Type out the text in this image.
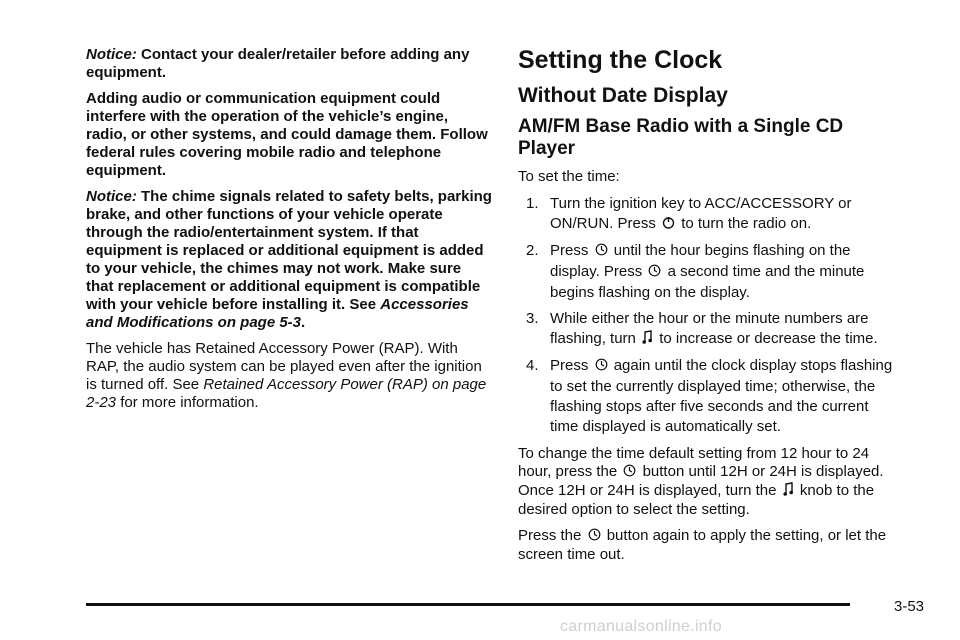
Notice: Contact your dealer/retailer before adding any equipment.

Adding audio or communication equipment could interfere with the operation of the vehicle’s engine, radio, or other systems, and could damage them. Follow federal rules covering mobile radio and telephone equipment.

Notice: The chime signals related to safety belts, parking brake, and other functions of your vehicle operate through the radio/entertainment system. If that equipment is replaced or additional equipment is added to your vehicle, the chimes may not work. Make sure that replacement or additional equipment is compatible with your vehicle before installing it. See Accessories and Modifications on page 5-3.

The vehicle has Retained Accessory Power (RAP). With RAP, the audio system can be played even after the ignition is turned off. See Retained Accessory Power (RAP) on page 2-23 for more information.

Setting the Clock
Without Date Display
AM/FM Base Radio with a Single CD Player

To set the time:

1. Turn the ignition key to ACC/ACCESSORY or ON/RUN. Press to turn the radio on.
2. Press until the hour begins flashing on the display. Press a second time and the minute begins flashing on the display.
3. While either the hour or the minute numbers are flashing, turn to increase or decrease the time.
4. Press again until the clock display stops flashing to set the currently displayed time; otherwise, the flashing stops after five seconds and the current time displayed is automatically set.

To change the time default setting from 12 hour to 24 hour, press the button until 12H or 24H is displayed. Once 12H or 24H is displayed, turn the knob to the desired option to select the setting.

Press the button again to apply the setting, or let the screen time out.

3-53
carmanualsonline.info
